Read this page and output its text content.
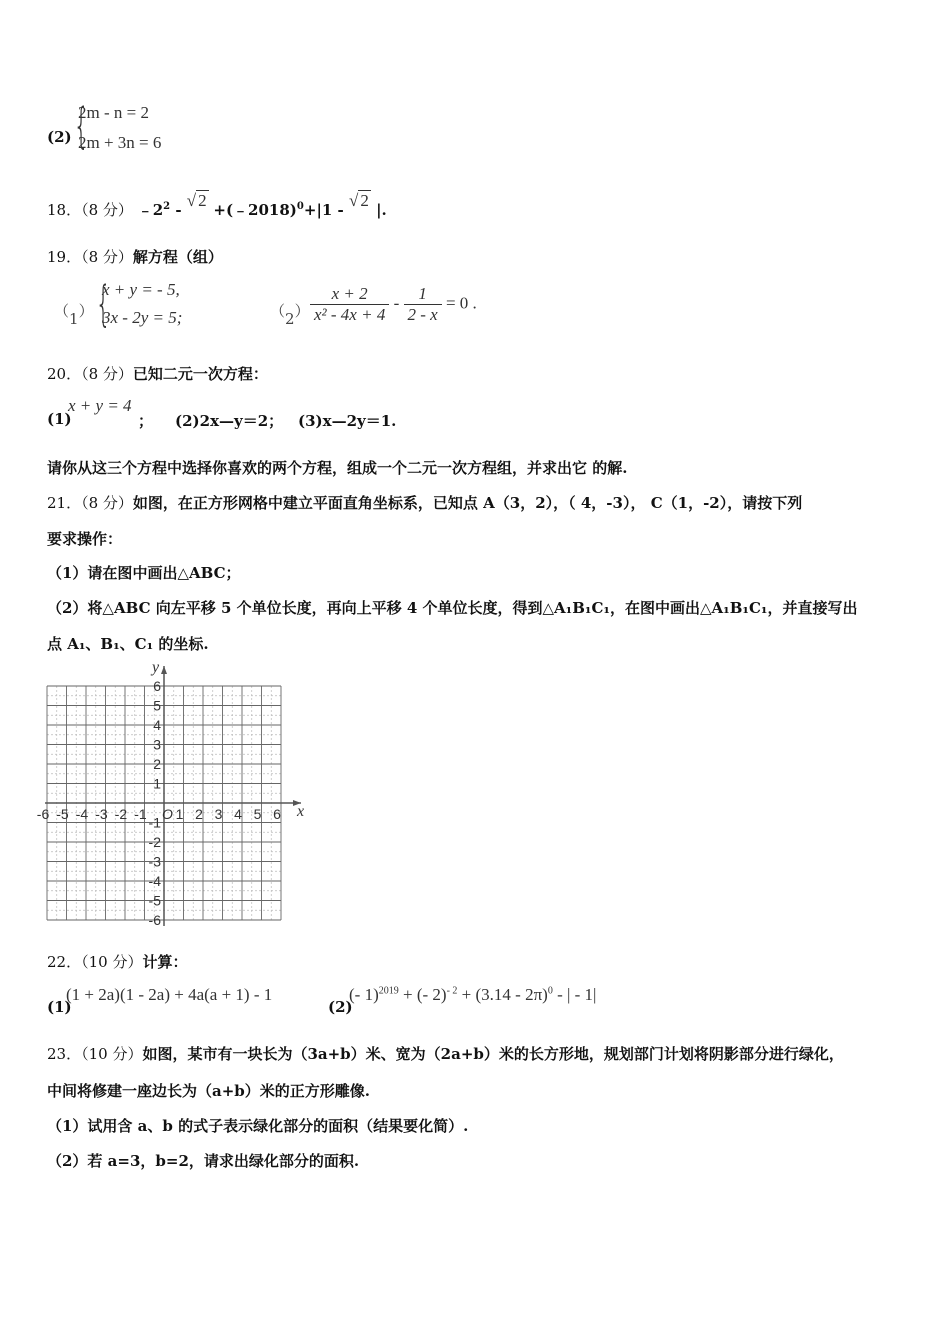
(2) {
2m - n = 2
2m + 3n = 6
18．（8 分） $﹣2^2$ - √ 2 +(﹣2018)$^0$+|1 - √ 2 |.
19．（8 分）解方程（组）
（1） {
x + y = - 5,
3x - 2y = 5;	$(2) \frac{x + 2}{\text{x² - 4x + 4}} - \frac{1}{2 - x} = 0$ .
20．（8 分）已知二元一次方程：
(1)
x + y = 4
； (2)2x—y＝2； (3)x—2y＝1.
请你从这三个方程中选择你喜欢的两个方程，组成一个二元一次方程组，并求出它 的解.
21．（8 分）如图，在正方形网格中建立平面直角坐标系，已知点 A（3，2），（ 4，-3）， C（1，-2），请按下列
要求操作：
（1）请在图中画出△ABC；
（2）将△ABC 向左平移 5 个单位长度，再向上平移 4 个单位长度，得到△A₁B₁C₁，在图中画出△A₁B₁C₁，并直接写出
点 A₁、B₁、C₁ 的坐标.
-6 -5 -4 -3 -2 -1 1 2 3 4 5 6
6
5
4
3
2
1
-1
-2
-3
-4
-5
-6
O	x
y
22．（10 分）计算：
(1)
(1 + 2a)(1 - 2a) + 4a(a + 1) - 1
(2)
(- 1)$^{2019}$ + (- 2)$^{- 2}$ + (3.14 - 2π)$^0$ - | - 1|
23．（10 分）如图，某市有一块长为（3a+b）米、宽为（2a+b）米的长方形地，规划部门计划将阴影部分进行绿化，
中间将修建一座边长为（a+b）米的正方形雕像.
（1）试用含 a、b 的式子表示绿化部分的面积（结果要化简）.
（2）若 a=3，b=2，请求出绿化部分的面积.
